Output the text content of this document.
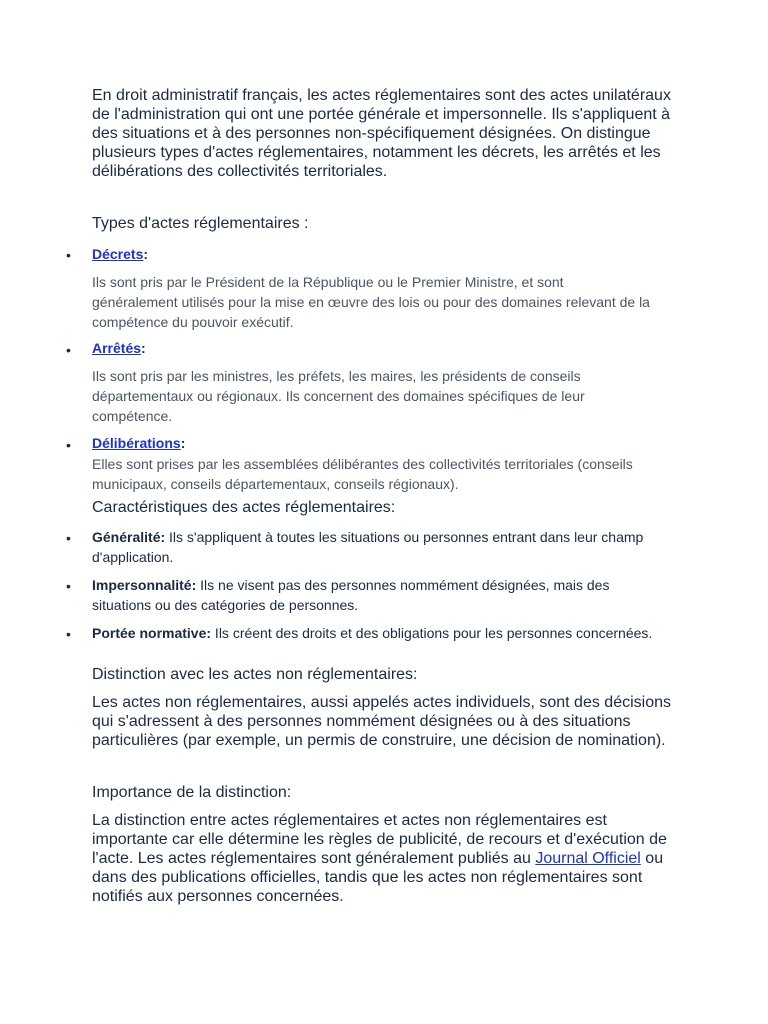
En droit administratif français, les actes réglementaires sont des actes unilatéraux de l'administration qui ont une portée générale et impersonnelle. Ils s'appliquent à des situations et à des personnes non-spécifiquement désignées. On distingue plusieurs types d'actes réglementaires, notamment les décrets, les arrêtés et les délibérations des collectivités territoriales.

Types d'actes réglementaires :

• Décrets:

Ils sont pris par le Président de la République ou le Premier Ministre, et sont généralement utilisés pour la mise en œuvre des lois ou pour des domaines relevant de la compétence du pouvoir exécutif.

• Arrêtés:

Ils sont pris par les ministres, les préfets, les maires, les présidents de conseils départementaux ou régionaux. Ils concernent des domaines spécifiques de leur compétence.

• Délibérations:

Elles sont prises par les assemblées délibérantes des collectivités territoriales (conseils municipaux, conseils départementaux, conseils régionaux).

Caractéristiques des actes réglementaires:

• Généralité: Ils s'appliquent à toutes les situations ou personnes entrant dans leur champ d'application.

• Impersonnalité: Ils ne visent pas des personnes nommément désignées, mais des situations ou des catégories de personnes.

• Portée normative: Ils créent des droits et des obligations pour les personnes concernées.

Distinction avec les actes non réglementaires:

Les actes non réglementaires, aussi appelés actes individuels, sont des décisions qui s'adressent à des personnes nommément désignées ou à des situations particulières (par exemple, un permis de construire, une décision de nomination).

Importance de la distinction:

La distinction entre actes réglementaires et actes non réglementaires est importante car elle détermine les règles de publicité, de recours et d'exécution de l'acte. Les actes réglementaires sont généralement publiés au Journal Officiel ou dans des publications officielles, tandis que les actes non réglementaires sont notifiés aux personnes concernées.
